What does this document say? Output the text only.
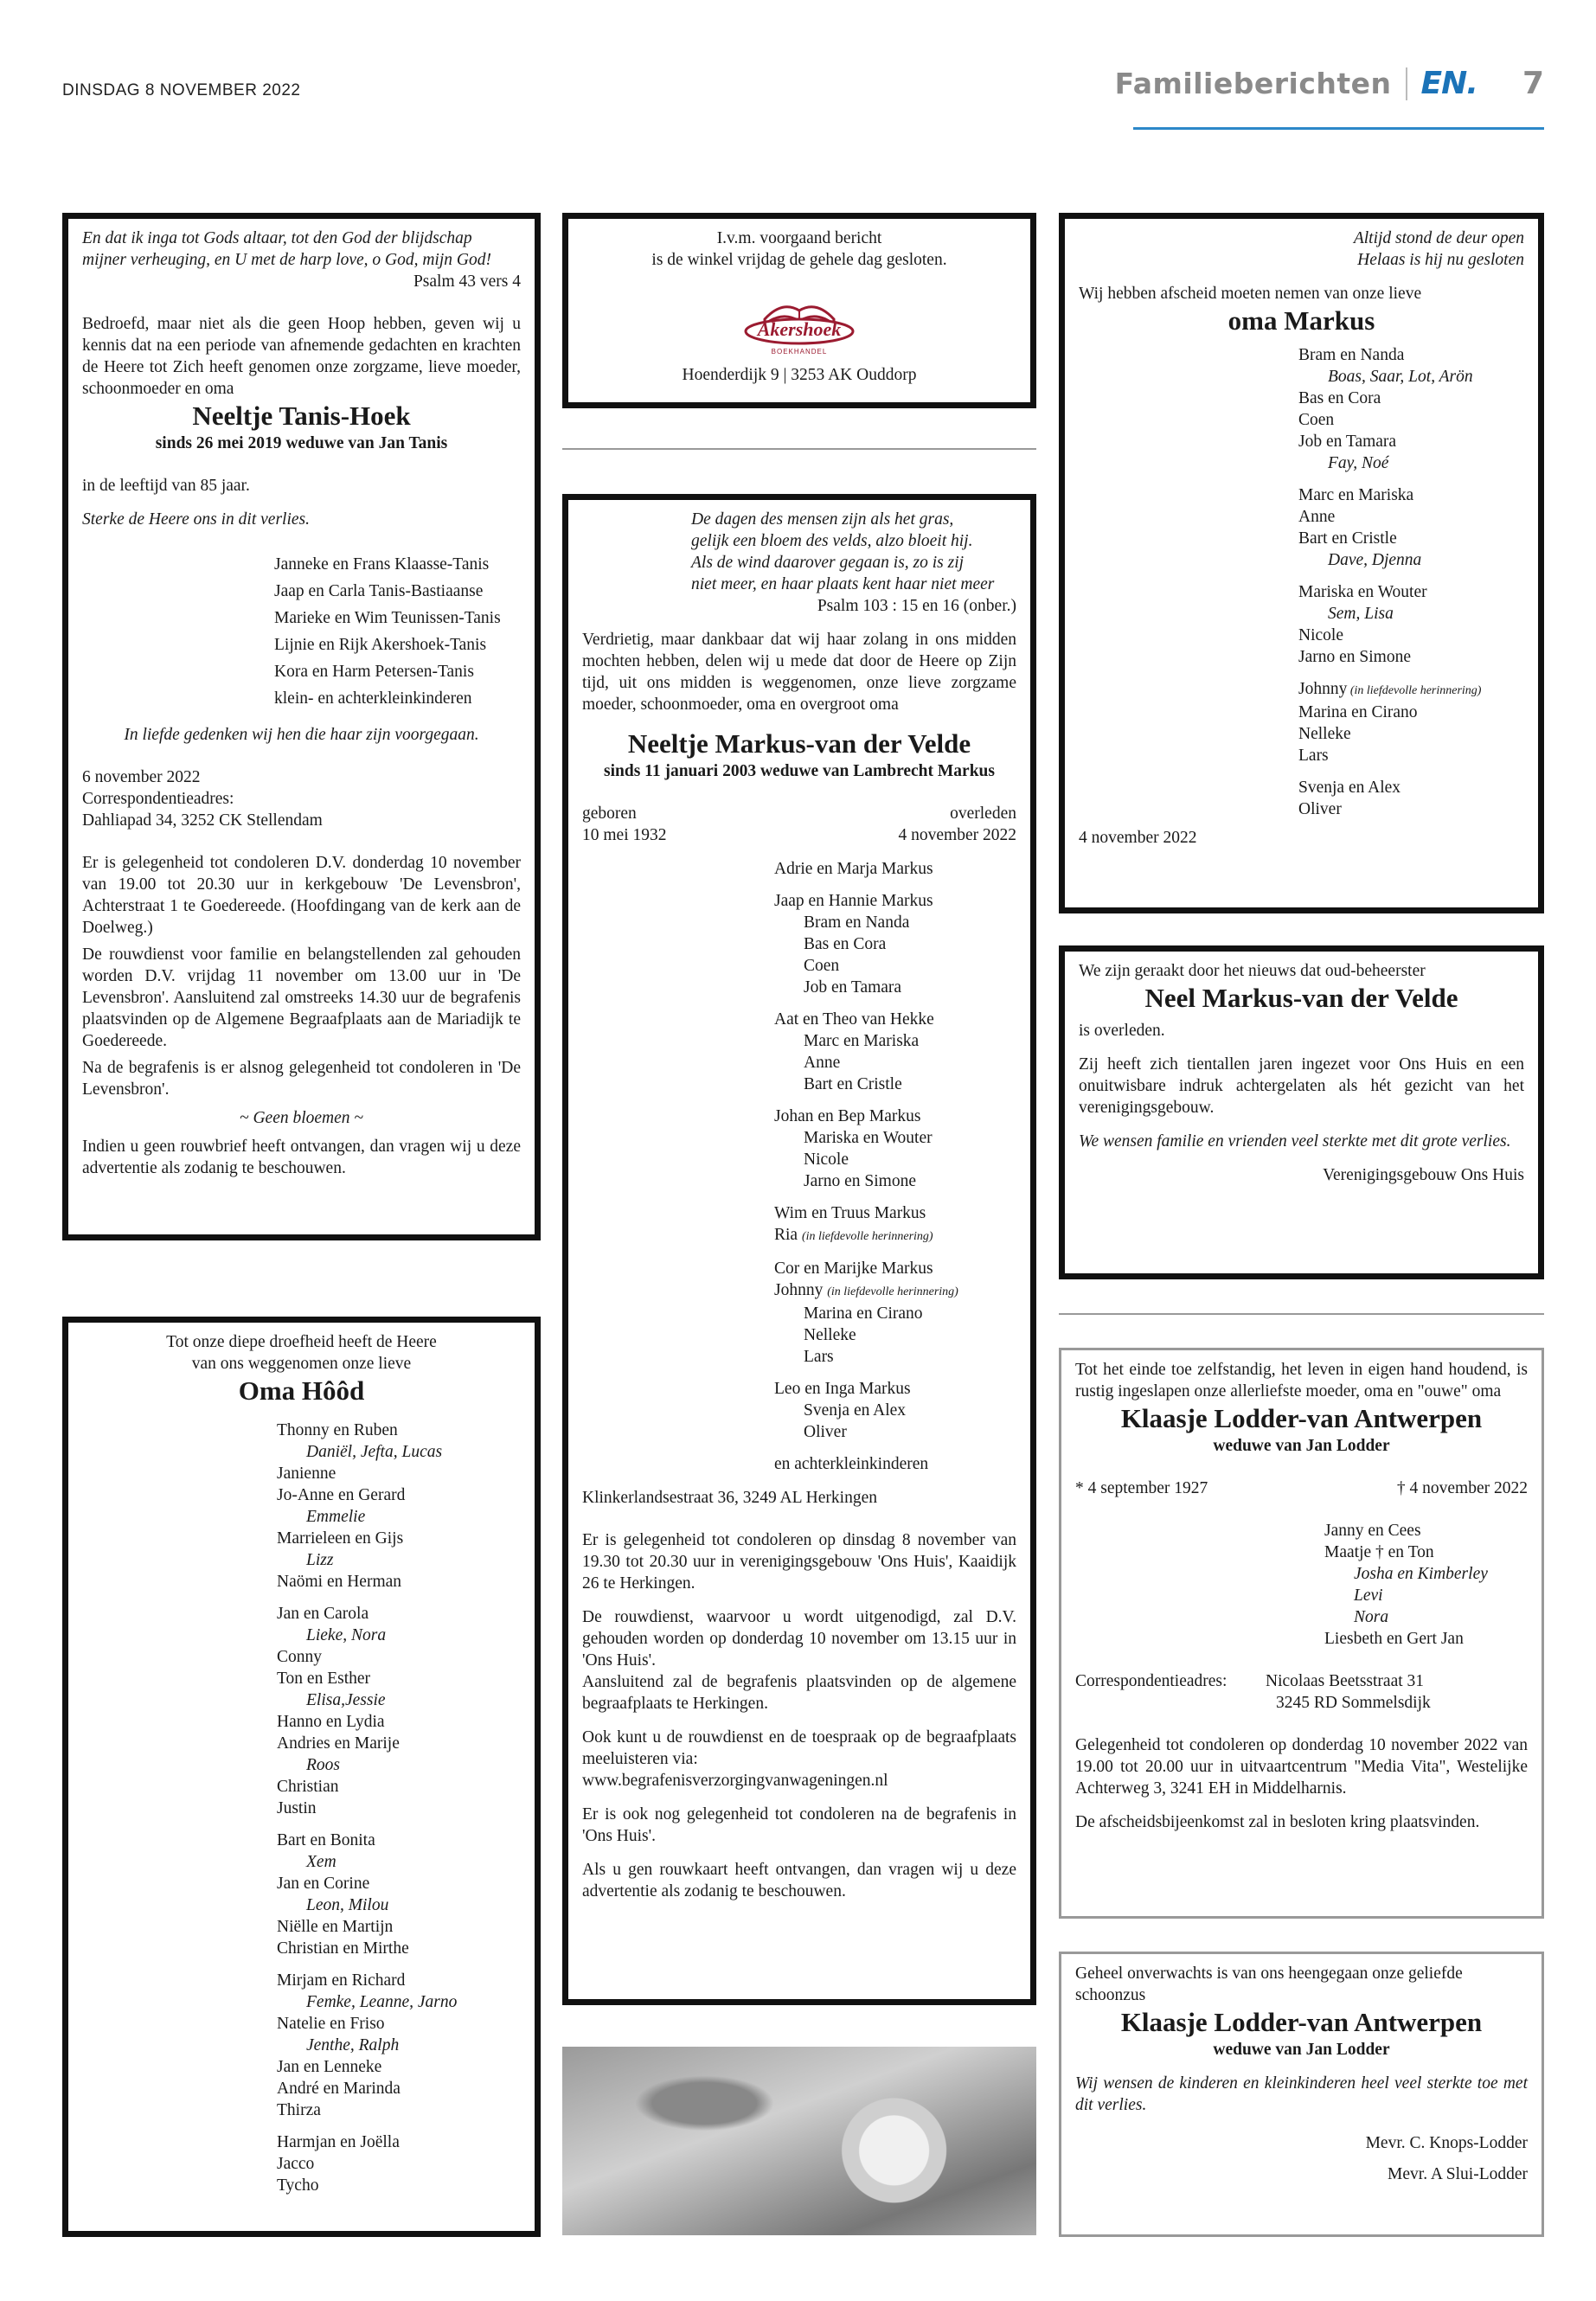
DINSDAG 8 NOVEMBER 2022	Familieberichten EN. 7

En dat ik inga tot Gods altaar, tot den God der blijdschap

mijner verheuging, en U met de harp love, o God, mijn God!

Psalm 43 vers 4

Bedroefd, maar niet als die geen Hoop hebben, geven wij u kennis dat na een periode van afnemende gedachten en krachten de Heere tot Zich heeft genomen onze zorgzame, lieve moeder, schoonmoeder en oma

Neeltje Tanis-Hoek

sinds 26 mei 2019 weduwe van Jan Tanis

in de leeftijd van 85 jaar.

Sterke de Heere ons in dit verlies.

Janneke en Frans Klaasse-Tanis

Jaap en Carla Tanis-Bastiaanse

Marieke en Wim Teunissen-Tanis

Lijnie en Rijk Akershoek-Tanis

Kora en Harm Petersen-Tanis

klein- en achterkleinkinderen

In liefde gedenken wij hen die haar zijn voorgegaan.

6 november 2022

Correspondentieadres:

Dahliapad 34, 3252 CK Stellendam

Er is gelegenheid tot condoleren D.V. donderdag 10 november van 19.00 tot 20.30 uur in kerkgebouw 'De Levensbron', Achterstraat 1 te Goedereede. (Hoofdingang van de kerk aan de Doelweg.)

De rouwdienst voor familie en belangstellenden zal gehouden worden D.V. vrijdag 11 november om 13.00 uur in 'De Levensbron'. Aansluitend zal omstreeks 14.30 uur de begrafenis plaatsvinden op de Algemene Begraafplaats aan de Mariadijk te Goedereede.

Na de begrafenis is er alsnog gelegenheid tot condoleren in 'De Levensbron'.

~ Geen bloemen ~

Indien u geen rouwbrief heeft ontvangen, dan vragen wij u deze advertentie als zodanig te beschouwen.

Tot onze diepe droefheid heeft de Heere

van ons weggenomen onze lieve

Oma Hôôd

Thonny en Ruben

Daniël, Jefta, Lucas

Janienne

Jo-Anne en Gerard

Emmelie

Marrieleen en Gijs

Lizz

Naömi en Herman

Jan en Carola

Lieke, Nora

Conny

Ton en Esther

Elisa,Jessie

Hanno en Lydia

Andries en Marije

Roos

Christian

Justin

Bart en Bonita

Xem

Jan en Corine

Leon, Milou

Niëlle en Martijn

Christian en Mirthe

Mirjam en Richard

Femke, Leanne, Jarno

Natelie en Friso

Jenthe, Ralph

Jan en Lenneke

André en Marinda

Thirza

Harmjan en Joëlla

Jacco

Tycho

I.v.m. voorgaand bericht

is de winkel vrijdag de gehele dag gesloten.

Akershoek
BOEKHANDEL

Hoenderdijk 9 | 3253 AK Ouddorp

De dagen des mensen zijn als het gras,

gelijk een bloem des velds, alzo bloeit hij.

Als de wind daarover gegaan is, zo is zij

niet meer, en haar plaats kent haar niet meer

Psalm 103 : 15 en 16 (onber.)

Verdrietig, maar dankbaar dat wij haar zolang in ons midden mochten hebben, delen wij u mede dat door de Heere op Zijn tijd, uit ons midden is weggenomen, onze lieve zorgzame moeder, schoonmoeder, oma en overgroot oma

Neeltje Markus-van der Velde

sinds 11 januari 2003 weduwe van Lambrecht Markus

geboren

10 mei 1932

overleden

4 november 2022

Adrie en Marja Markus

Jaap en Hannie Markus

Bram en Nanda

Bas en Cora

Coen

Job en Tamara

Aat en Theo van Hekke

Marc en Mariska

Anne

Bart en Cristle

Johan en Bep Markus

Mariska en Wouter

Nicole

Jarno en Simone

Wim en Truus Markus

Ria (in liefdevolle herinnering)

Cor en Marijke Markus

Johnny (in liefdevolle herinnering)

Marina en Cirano

Nelleke

Lars

Leo en Inga Markus

Svenja en Alex

Oliver

en achterkleinkinderen

Klinkerlandsestraat 36, 3249 AL Herkingen

Er is gelegenheid tot condoleren op dinsdag 8 november van 19.30 tot 20.30 uur in verenigingsgebouw 'Ons Huis', Kaaidijk 26 te Herkingen.

De rouwdienst, waarvoor u wordt uitgenodigd, zal D.V. gehouden worden op donderdag 10 november om 13.15 uur in 'Ons Huis'.

Aansluitend zal de begrafenis plaatsvinden op de algemene begraafplaats te Herkingen.

Ook kunt u de rouwdienst en de toespraak op de begraafplaats meeluisteren via:

www.begrafenisverzorgingvanwageningen.nl

Er is ook nog gelegenheid tot condoleren na de begrafenis in 'Ons Huis'.

Als u gen rouwkaart heeft ontvangen, dan vragen wij u deze advertentie als zodanig te beschouwen.

Altijd stond de deur open

Helaas is hij nu gesloten

Wij hebben afscheid moeten nemen van onze lieve

oma Markus

Bram en Nanda

Boas, Saar, Lot, Arön

Bas en Cora

Coen

Job en Tamara

Fay, Noé

Marc en Mariska

Anne

Bart en Cristle

Dave, Djenna

Mariska en Wouter

Sem, Lisa

Nicole

Jarno en Simone

Johnny (in liefdevolle herinnering)

Marina en Cirano

Nelleke

Lars

Svenja en Alex

Oliver

4 november 2022

We zijn geraakt door het nieuws dat oud-beheerster

Neel Markus-van der Velde

is overleden.

Zij heeft zich tientallen jaren ingezet voor Ons Huis en een onuitwisbare indruk achtergelaten als hét gezicht van het verenigingsgebouw.

We wensen familie en vrienden veel sterkte met dit grote verlies.

Verenigingsgebouw Ons Huis

Tot het einde toe zelfstandig, het leven in eigen hand houdend, is rustig ingeslapen onze allerliefste moeder, oma en "ouwe" oma

Klaasje Lodder-van Antwerpen

weduwe van Jan Lodder

* 4 september 1927	† 4 november 2022

Janny en Cees

Maatje † en Ton

Josha en Kimberley

Levi

Nora

Liesbeth en Gert Jan

Correspondentieadres:	Nicolaas Beetsstraat 31

3245 RD Sommelsdijk

Gelegenheid tot condoleren op donderdag 10 november 2022 van 19.00 tot 20.00 uur in uitvaartcentrum "Media Vita", Westelijke Achterweg 3, 3241 EH in Middelharnis.

De afscheidsbijeenkomst zal in besloten kring plaatsvinden.

Geheel onverwachts is van ons heengegaan onze geliefde schoonzus

Klaasje Lodder-van Antwerpen

weduwe van Jan Lodder

Wij wensen de kinderen en kleinkinderen heel veel sterkte toe met dit verlies.

Mevr. C. Knops-Lodder

Mevr. A Slui-Lodder
